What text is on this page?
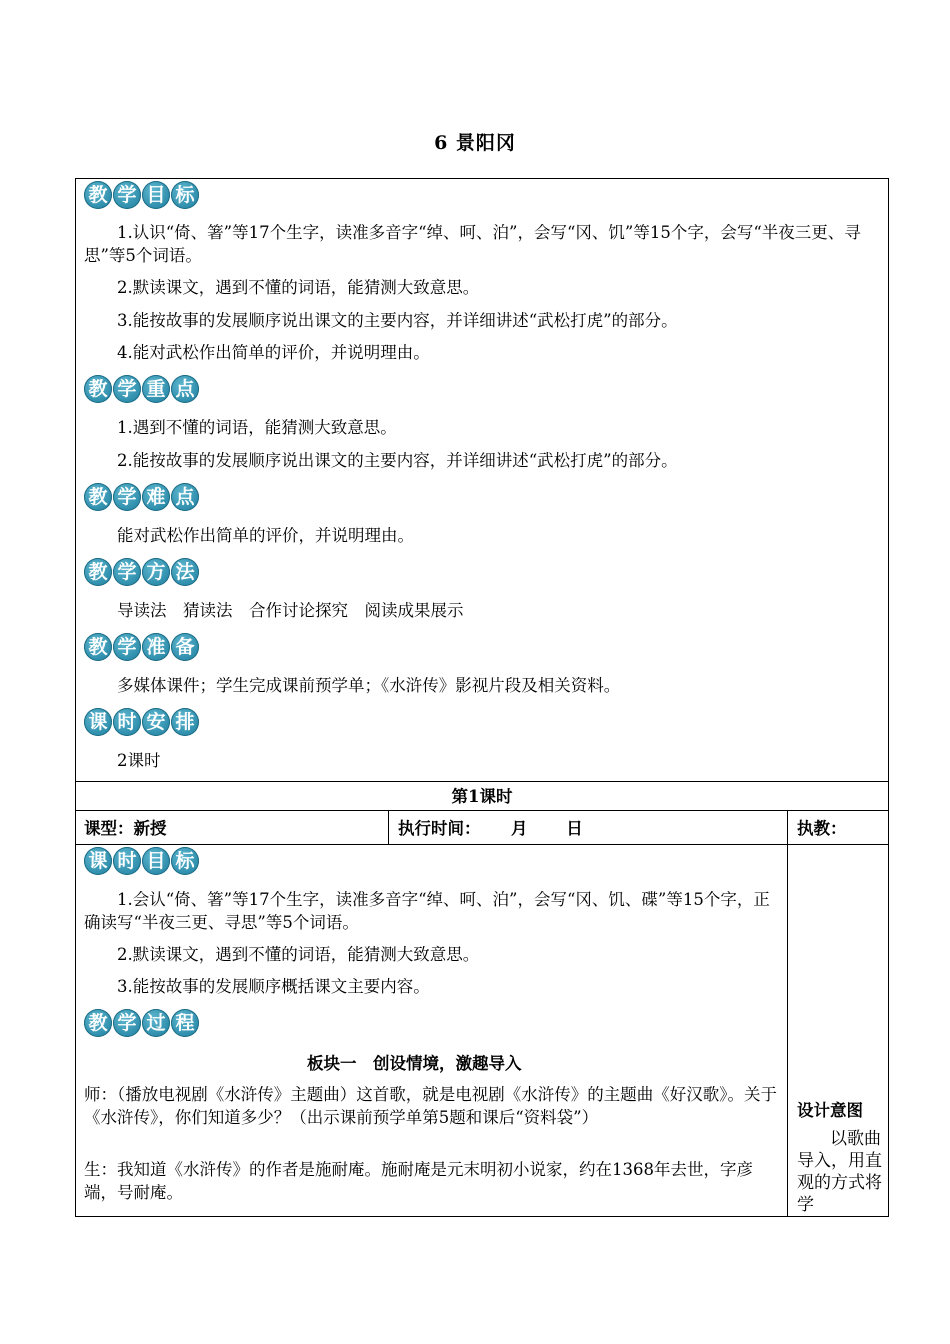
6 景阳冈
教 学 目 标
1.认识“倚、箸”等17个生字，读准多音字“绰、呵、泊”，会写“冈、饥”等15个字，会写“半夜三更、寻思”等5个词语。
2.默读课文，遇到不懂的词语，能猜测大致意思。
3.能按故事的发展顺序说出课文的主要内容，并详细讲述“武松打虎”的部分。
4.能对武松作出简单的评价，并说明理由。
教 学 重 点
1.遇到不懂的词语，能猜测大致意思。
2.能按故事的发展顺序说出课文的主要内容，并详细讲述“武松打虎”的部分。
教 学 难 点
能对武松作出简单的评价，并说明理由。
教 学 方 法
导读法　猜读法　合作讨论探究　阅读成果展示
教 学 准 备
多媒体课件；学生完成课前预学单；《水浒传》影视片段及相关资料。
课 时 安 排
2课时
第1课时
课型：新授	执行时间：　　 月　　 日	执教：
课 时 目 标
1.会认“倚、箸”等17个生字，读准多音字“绰、呵、泊”，会写“冈、饥、碟”等15个字，正确读写“半夜三更、寻思”等5个词语。
2.默读课文，遇到不懂的词语，能猜测大致意思。
3.能按故事的发展顺序概括课文主要内容。
教 学 过 程
板块一　创设情境，激趣导入
师：（播放电视剧《水浒传》主题曲）这首歌，就是电视剧《水浒传》的主题曲《好汉歌》。关于《水浒传》，你们知道多少？（出示课前预学单第5题和课后“资料袋”）
生：我知道《水浒传》的作者是施耐庵。施耐庵是元末明初小说家，约在1368年去世，字彦端，号耐庵。
设计意图
以歌曲导入，用直观的方式将学
